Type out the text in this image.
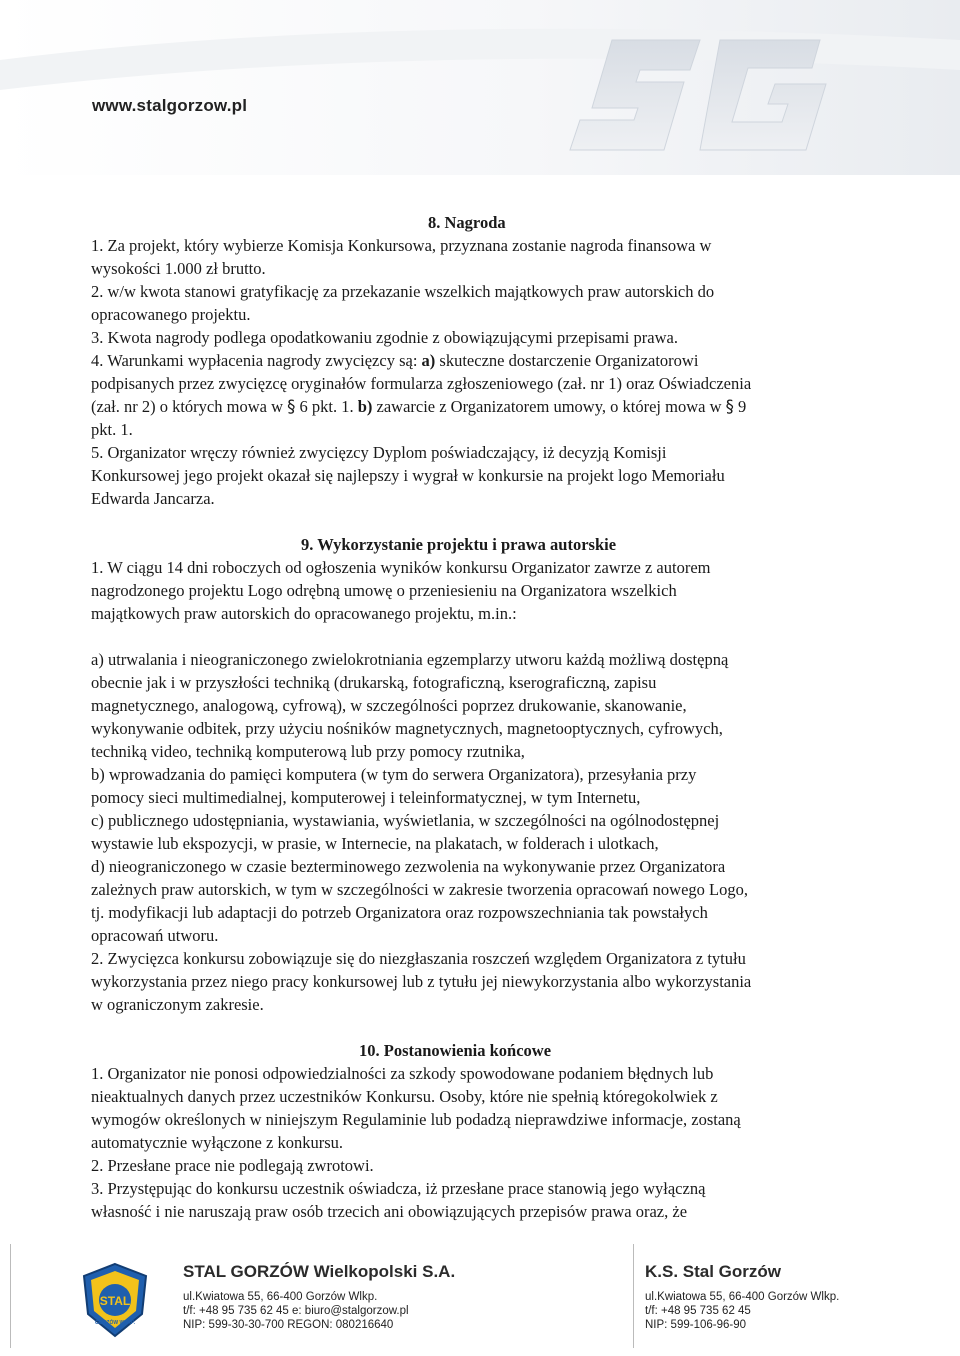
www.stalgorzow.pl

8. Nagroda

1. Za projekt, który wybierze Komisja Konkursowa, przyznana zostanie nagroda finansowa w

wysokości 1.000 zł brutto.

2. w/w kwota stanowi gratyfikację za przekazanie wszelkich majątkowych praw autorskich do

opracowanego projektu.

3. Kwota nagrody podlega opodatkowaniu zgodnie z obowiązującymi przepisami prawa.

4. Warunkami wypłacenia nagrody zwycięzcy są: a) skuteczne dostarczenie Organizatorowi

podpisanych przez zwycięzcę oryginałów formularza zgłoszeniowego (zał. nr 1) oraz Oświadczenia

(zał. nr 2) o których mowa w § 6 pkt. 1. b) zawarcie z Organizatorem umowy, o której mowa w § 9

pkt. 1.

5. Organizator wręczy również zwycięzcy Dyplom poświadczający, iż decyzją Komisji

Konkursowej jego projekt okazał się najlepszy i wygrał w konkursie na projekt logo Memoriału

Edwarda Jancarza.

9. Wykorzystanie projektu i prawa autorskie

1. W ciągu 14 dni roboczych od ogłoszenia wyników konkursu Organizator zawrze z autorem

nagrodzonego projektu Logo odrębną umowę o przeniesieniu na Organizatora wszelkich

majątkowych praw autorskich do opracowanego projektu, m.in.:

a) utrwalania i nieograniczonego zwielokrotniania egzemplarzy utworu każdą możliwą dostępną

obecnie jak i w przyszłości techniką (drukarską, fotograficzną, kserograficzną, zapisu

magnetycznego, analogową, cyfrową), w szczególności poprzez drukowanie, skanowanie,

wykonywanie odbitek, przy użyciu nośników magnetycznych, magnetooptycznych, cyfrowych,

techniką video, techniką komputerową lub przy pomocy rzutnika,

b) wprowadzania do pamięci komputera (w tym do serwera Organizatora), przesyłania przy

pomocy sieci multimedialnej, komputerowej i teleinformatycznej, w tym Internetu,

c) publicznego udostępniania, wystawiania, wyświetlania, w szczególności na ogólnodostępnej

wystawie lub ekspozycji, w prasie, w Internecie, na plakatach, w folderach i ulotkach,

d) nieograniczonego w czasie bezterminowego zezwolenia na wykonywanie przez Organizatora

zależnych praw autorskich, w tym w szczególności w zakresie tworzenia opracowań nowego Logo,

tj. modyfikacji lub adaptacji do potrzeb Organizatora oraz rozpowszechniania tak powstałych

opracowań utworu.

2. Zwycięzca konkursu zobowiązuje się do niezgłaszania roszczeń względem Organizatora z tytułu

wykorzystania przez niego pracy konkursowej lub z tytułu jej niewykorzystania albo wykorzystania

w ograniczonym zakresie.

10. Postanowienia końcowe

1. Organizator nie ponosi odpowiedzialności za szkody spowodowane podaniem błędnych lub

nieaktualnych danych przez uczestników Konkursu. Osoby, które nie spełnią któregokolwiek z

wymogów określonych w niniejszym Regulaminie lub podadzą nieprawdziwe informacje, zostaną

automatycznie wyłączone z konkursu.

2. Przesłane prace nie podlegają zwrotowi.

3. Przystępując do konkursu uczestnik oświadcza, iż przesłane prace stanowią jego wyłączną

własność i nie naruszają praw osób trzecich ani obowiązujących przepisów prawa oraz, że

STAL
GORZÓW WLKP.
STAL GORZÓW Wielkopolski S.A.
ul.Kwiatowa 55, 66-400 Gorzów Wlkp.
t/f: +48 95 735 62 45 e: biuro@stalgorzow.pl
NIP: 599-30-30-700 REGON: 080216640
K.S. Stal Gorzów
ul.Kwiatowa 55, 66-400 Gorzów Wlkp.
t/f: +48 95 735 62 45
NIP: 599-106-96-90
